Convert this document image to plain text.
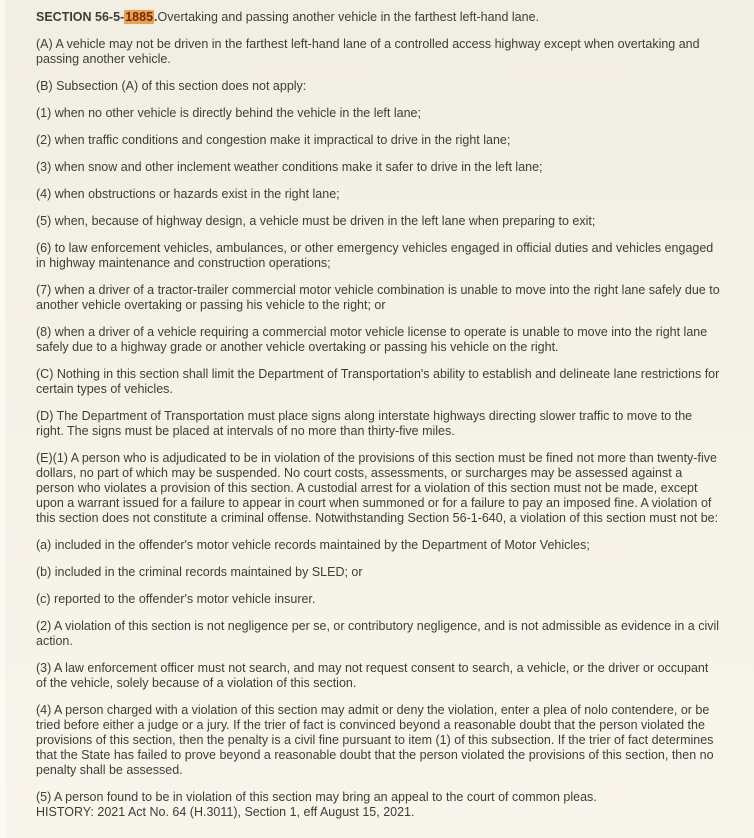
SECTION 56-5-1885.Overtaking and passing another vehicle in the farthest left-hand lane.

(A) A vehicle may not be driven in the farthest left-hand lane of a controlled access highway except when overtaking and passing another vehicle.

(B) Subsection (A) of this section does not apply:

(1) when no other vehicle is directly behind the vehicle in the left lane;

(2) when traffic conditions and congestion make it impractical to drive in the right lane;

(3) when snow and other inclement weather conditions make it safer to drive in the left lane;

(4) when obstructions or hazards exist in the right lane;

(5) when, because of highway design, a vehicle must be driven in the left lane when preparing to exit;

(6) to law enforcement vehicles, ambulances, or other emergency vehicles engaged in official duties and vehicles engaged in highway maintenance and construction operations;

(7) when a driver of a tractor-trailer commercial motor vehicle combination is unable to move into the right lane safely due to another vehicle overtaking or passing his vehicle to the right; or

(8) when a driver of a vehicle requiring a commercial motor vehicle license to operate is unable to move into the right lane safely due to a highway grade or another vehicle overtaking or passing his vehicle on the right.

(C) Nothing in this section shall limit the Department of Transportation's ability to establish and delineate lane restrictions for certain types of vehicles.

(D) The Department of Transportation must place signs along interstate highways directing slower traffic to move to the right. The signs must be placed at intervals of no more than thirty-five miles.

(E)(1) A person who is adjudicated to be in violation of the provisions of this section must be fined not more than twenty-five dollars, no part of which may be suspended. No court costs, assessments, or surcharges may be assessed against a person who violates a provision of this section. A custodial arrest for a violation of this section must not be made, except upon a warrant issued for a failure to appear in court when summoned or for a failure to pay an imposed fine. A violation of this section does not constitute a criminal offense. Notwithstanding Section 56-1-640, a violation of this section must not be:

(a) included in the offender's motor vehicle records maintained by the Department of Motor Vehicles;

(b) included in the criminal records maintained by SLED; or

(c) reported to the offender's motor vehicle insurer.

(2) A violation of this section is not negligence per se, or contributory negligence, and is not admissible as evidence in a civil action.

(3) A law enforcement officer must not search, and may not request consent to search, a vehicle, or the driver or occupant of the vehicle, solely because of a violation of this section.

(4) A person charged with a violation of this section may admit or deny the violation, enter a plea of nolo contendere, or be tried before either a judge or a jury. If the trier of fact is convinced beyond a reasonable doubt that the person violated the provisions of this section, then the penalty is a civil fine pursuant to item (1) of this subsection. If the trier of fact determines that the State has failed to prove beyond a reasonable doubt that the person violated the provisions of this section, then no penalty shall be assessed.

(5) A person found to be in violation of this section may bring an appeal to the court of common pleas.

HISTORY: 2021 Act No. 64 (H.3011), Section 1, eff August 15, 2021.
